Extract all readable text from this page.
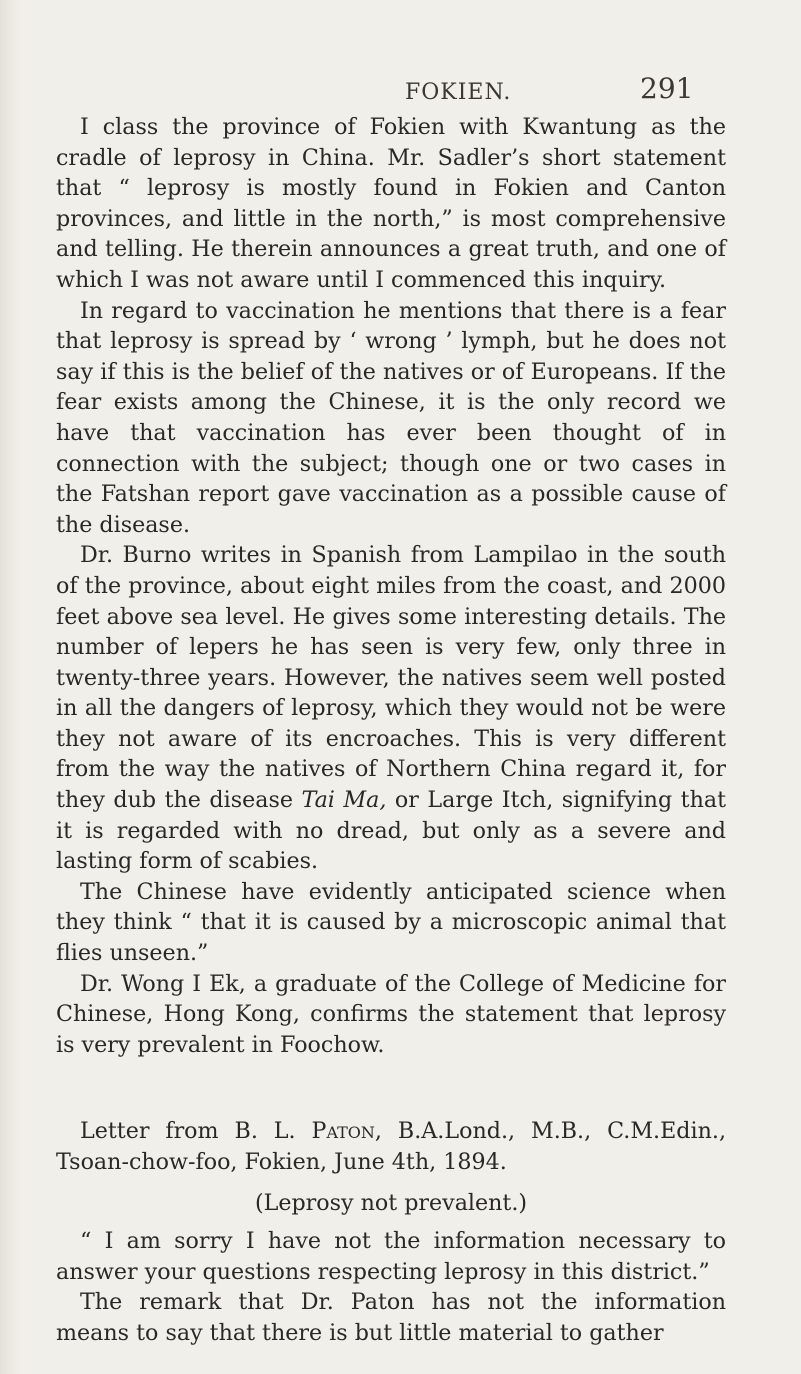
FOKIEN.	291

I class the province of Fokien with Kwantung as the cradle of leprosy in China. Mr. Sadler’s short statement that “ leprosy is mostly found in Fokien and Canton provinces, and little in the north,” is most comprehensive and telling. He therein announces a great truth, and one of which I was not aware until I commenced this inquiry.

In regard to vaccination he mentions that there is a fear that leprosy is spread by ‘ wrong ’ lymph, but he does not say if this is the belief of the natives or of Europeans. If the fear exists among the Chinese, it is the only record we have that vaccination has ever been thought of in connection with the subject; though one or two cases in the Fatshan report gave vaccination as a possible cause of the disease.

Dr. Burno writes in Spanish from Lampilao in the south of the province, about eight miles from the coast, and 2000 feet above sea level. He gives some interesting details. The number of lepers he has seen is very few, only three in twenty-three years. However, the natives seem well posted in all the dangers of leprosy, which they would not be were they not aware of its encroaches. This is very different from the way the natives of Northern China regard it, for they dub the disease Tai Ma, or Large Itch, signifying that it is regarded with no dread, but only as a severe and lasting form of scabies.

The Chinese have evidently anticipated science when they think “ that it is caused by a microscopic animal that flies unseen.”

Dr. Wong I Ek, a graduate of the College of Medicine for Chinese, Hong Kong, confirms the statement that leprosy is very prevalent in Foochow.

Letter from B. L. Paton, B.A.Lond., M.B., C.M.Edin., Tsoan-chow-foo, Fokien, June 4th, 1894.

(Leprosy not prevalent.)

“ I am sorry I have not the information necessary to answer your questions respecting leprosy in this district.”

The remark that Dr. Paton has not the information means to say that there is but little material to gather
